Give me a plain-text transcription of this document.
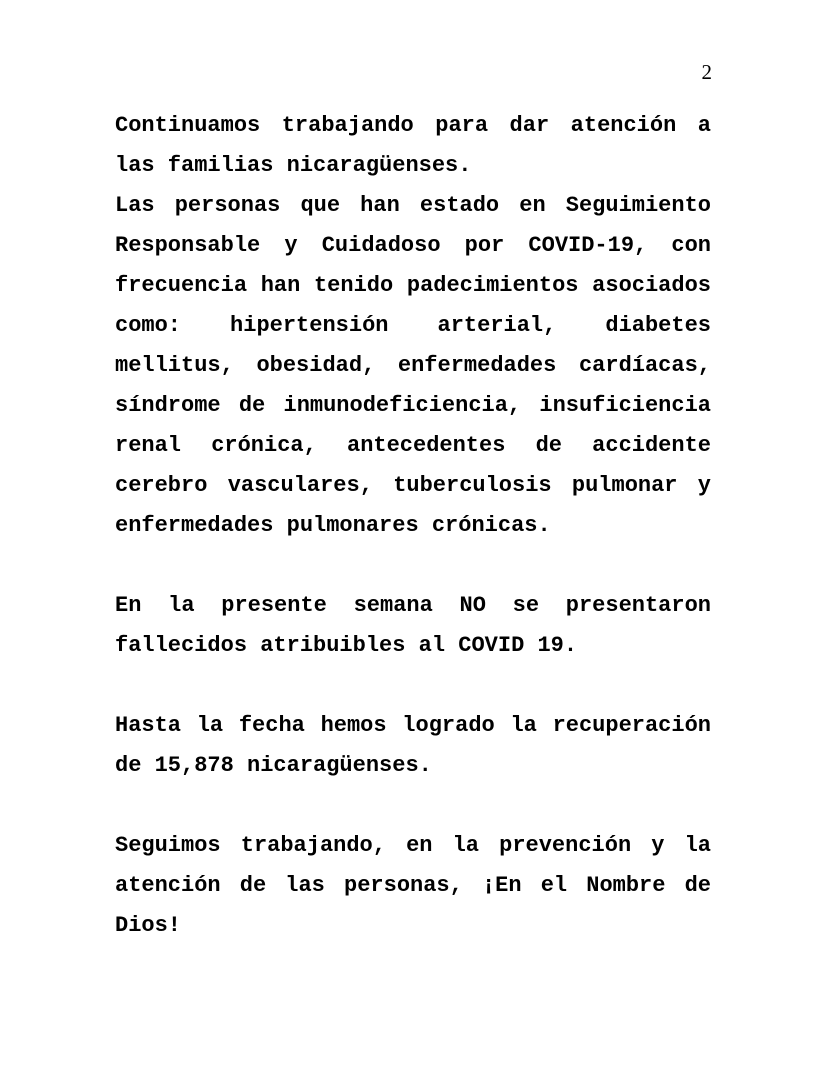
2

Continuamos trabajando para dar atención a las familias nicaragüenses.

Las personas que han estado en Seguimiento Responsable y Cuidadoso por COVID-19, con frecuencia han tenido padecimientos asociados como: hipertensión arterial, diabetes mellitus, obesidad, enfermedades cardíacas, síndrome de inmunodeficiencia, insuficiencia renal crónica, antecedentes de accidente cerebro vasculares, tuberculosis pulmonar y enfermedades pulmonares crónicas.

En la presente semana NO se presentaron fallecidos atribuibles al COVID 19.

Hasta la fecha hemos logrado la recuperación de 15,878 nicaragüenses.

Seguimos trabajando, en la prevención y la atención de las personas, ¡En el Nombre de Dios!
